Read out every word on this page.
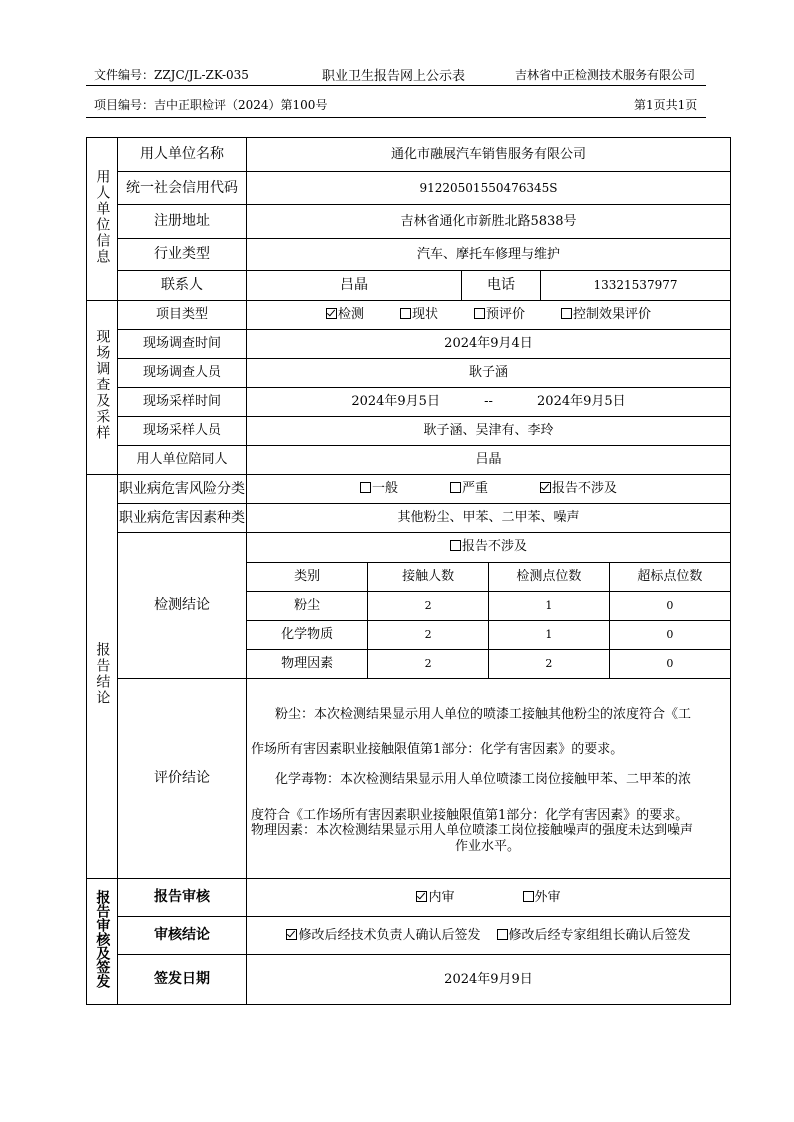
文件编号：ZZJC/JL-ZK-035	职业卫生报告网上公示表	吉林省中正检测技术服务有限公司
项目编号：吉中正职检评（2024）第100号	第1页共1页
用人单位信息	用人单位名称	通化市融展汽车销售服务有限公司
统一社会信用代码	91220501550476345S
注册地址	吉林省通化市新胜北路5838号
行业类型	汽车、摩托车修理与维护
联系人	吕晶	电话	13321537977
现场调查及采样	项目类型	检测	现状	预评价	控制效果评价
现场调查时间	2024年9月4日
现场调查人员	耿子涵
现场采样时间	2024年9月5日	--	2024年9月5日
现场采样人员	耿子涵、吴津有、李玲
用人单位陪同人	吕晶
报告结论	职业病危害风险分类	一般	严重	报告不涉及
职业病危害因素种类	其他粉尘、甲苯、二甲苯、噪声
检测结论	
报告不涉及
类别	接触人数	检测点位数	超标点位数
粉尘	2	1	0
化学物质	2	1	0
物理因素	2	2	0

评价结论	

粉尘：本次检测结果显示用人单位的喷漆工接触其他粉尘的浓度符合《工

作场所有害因素职业接触限值第1部分：化学有害因素》的要求。

化学毒物：本次检测结果显示用人单位喷漆工岗位接触甲苯、二甲苯的浓

度符合《工作场所有害因素职业接触限值第1部分：化学有害因素》的要求。

物理因素：本次检测结果显示用人单位喷漆工岗位接触噪声的强度未达到噪声

作业水平。

报告审核及签发	报告审核	内审	外审
审核结论	修改后经技术负责人确认后签发 修改后经专家组组长确认后签发
签发日期	2024年9月9日
